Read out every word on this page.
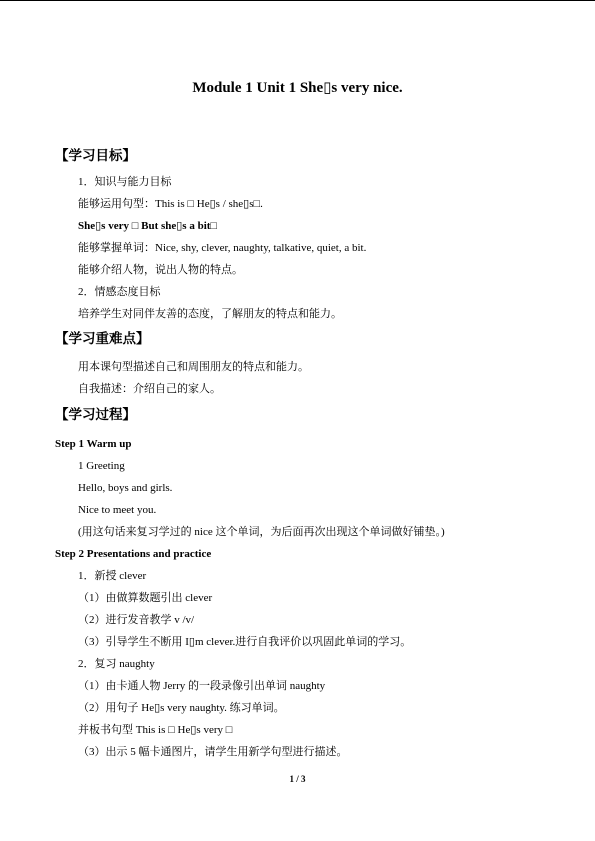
Module 1 Unit 1 She▯s very nice.
【学习目标】
1．知识与能力目标
能够运用句型：This is □ He▯s / she▯s□.
She▯s very □ But she▯s a bit□
能够掌握单词：Nice, shy, clever, naughty, talkative, quiet, a bit.
能够介绍人物，说出人物的特点。
2．情感态度目标
培养学生对同伴友善的态度，了解朋友的特点和能力。
【学习重难点】
用本课句型描述自己和周围朋友的特点和能力。
自我描述：介绍自己的家人。
【学习过程】
Step 1 Warm up
1 Greeting
Hello, boys and girls.
Nice to meet you.
(用这句话来复习学过的 nice 这个单词，为后面再次出现这个单词做好铺垫。)
Step 2 Presentations and practice
1．新授 clever
（1）由做算数题引出 clever
（2）进行发音教学 v /v/
（3）引导学生不断用 I▯m clever.进行自我评价以巩固此单词的学习。
2．复习 naughty
（1）由卡通人物 Jerry 的一段录像引出单词 naughty
（2）用句子 He▯s very naughty. 练习单词。
并板书句型 This is □ He▯s very □
（3）出示 5 幅卡通图片，请学生用新学句型进行描述。
1 / 3
